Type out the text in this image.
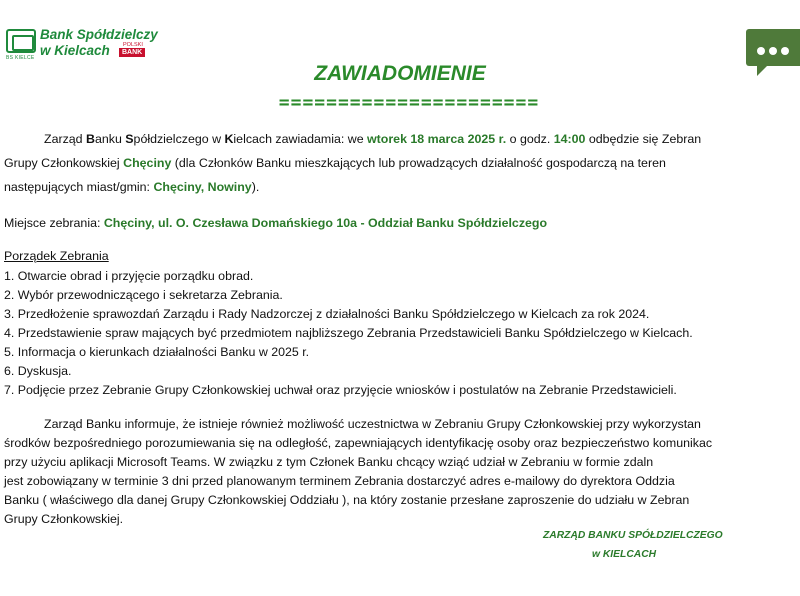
BS KIELCE
Bank Spółdzielczy
w Kielcach POLSKI
BANK
ZAWIADOMIENIE
======================
Zarząd Banku Spółdzielczego w Kielcach zawiadamia: we wtorek 18 marca 2025 r. o godz. 14:00 odbędzie się Zebran
Grupy Członkowskiej Chęciny (dla Członków Banku mieszkających lub prowadzących działalność gospodarczą na teren
następujących miast/gmin: Chęciny, Nowiny).
Miejsce zebrania: Chęciny, ul. O. Czesława Domańskiego 10a - Oddział Banku Spółdzielczego
Porządek Zebrania
1. Otwarcie obrad i przyjęcie porządku obrad.
2. Wybór przewodniczącego i sekretarza Zebrania.
3. Przedłożenie sprawozdań Zarządu i Rady Nadzorczej z działalności Banku Spółdzielczego w Kielcach za rok 2024.
4. Przedstawienie spraw mających być przedmiotem najbliższego Zebrania Przedstawicieli Banku Spółdzielczego w Kielcach.
5. Informacja o kierunkach działalności Banku w 2025 r.
6. Dyskusja.
7. Podjęcie przez Zebranie Grupy Członkowskiej uchwał oraz przyjęcie wniosków i postulatów na Zebranie Przedstawicieli.
Zarząd Banku informuje, że istnieje również możliwość uczestnictwa w Zebraniu Grupy Członkowskiej przy wykorzystan
środków bezpośredniego porozumiewania się na odległość, zapewniających identyfikację osoby oraz bezpieczeństwo komunikac
przy użyciu aplikacji Microsoft Teams. W związku z tym Członek Banku chcący wziąć udział w Zebraniu w formie zdaln
jest zobowiązany w terminie 3 dni przed planowanym terminem Zebrania dostarczyć adres e-mailowy do dyrektora Oddzia
Banku ( właściwego dla danej Grupy Członkowskiej Oddziału ), na który zostanie przesłane zaproszenie do udziału w Zebran
Grupy Członkowskiej.
ZARZĄD BANKU SPÓŁDZIELCZEGO
w KIELCACH
